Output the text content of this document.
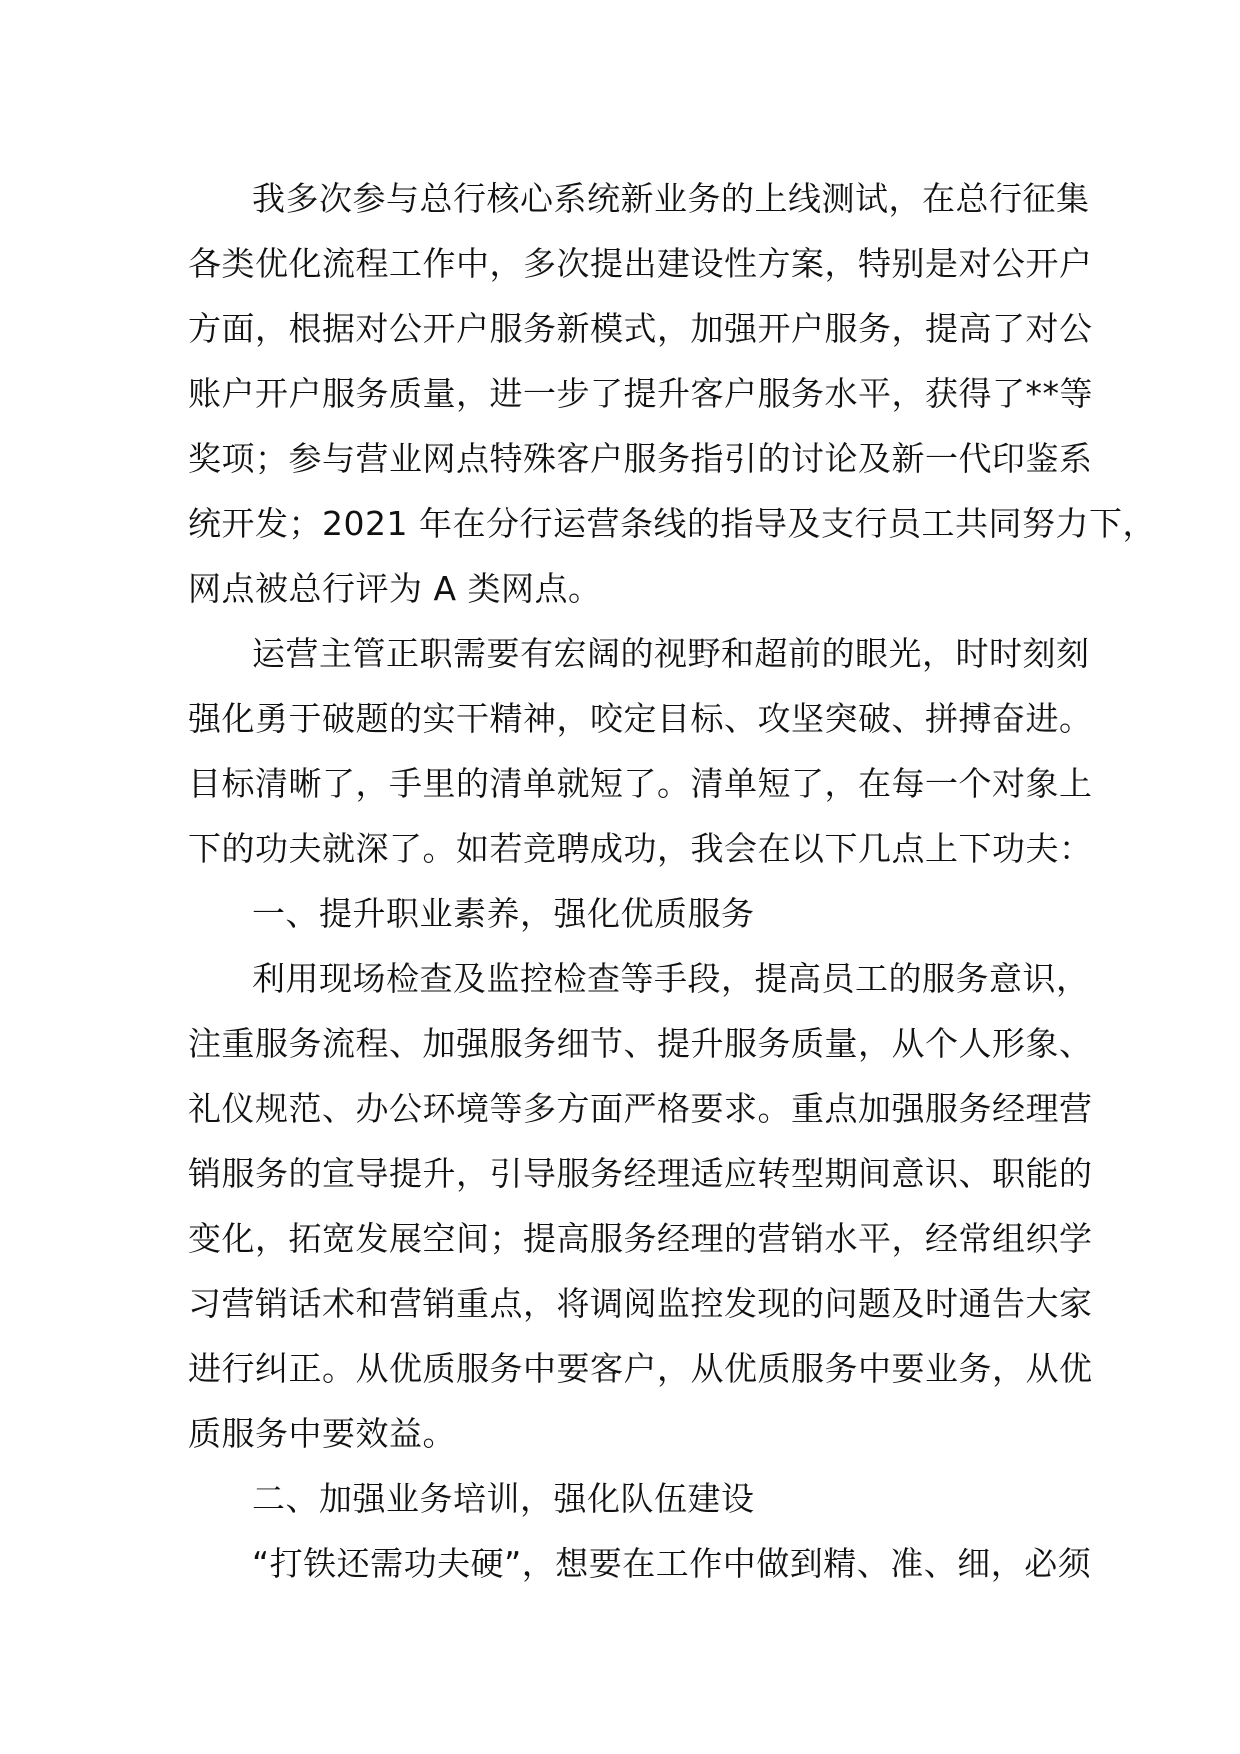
我多次参与总行核心系统新业务的上线测试，在总行征集
各类优化流程工作中，多次提出建设性方案，特别是对公开户
方面，根据对公开户服务新模式，加强开户服务，提高了对公
账户开户服务质量，进一步了提升客户服务水平，获得了**等
奖项；参与营业网点特殊客户服务指引的讨论及新一代印鉴系
统开发；2021 年在分行运营条线的指导及支行员工共同努力下，
网点被总行评为 A 类网点。
运营主管正职需要有宏阔的视野和超前的眼光，时时刻刻
强化勇于破题的实干精神，咬定目标、攻坚突破、拼搏奋进。
目标清晰了，手里的清单就短了。清单短了，在每一个对象上
下的功夫就深了。如若竞聘成功，我会在以下几点上下功夫：
一、提升职业素养，强化优质服务
利用现场检查及监控检查等手段，提高员工的服务意识，
注重服务流程、加强服务细节、提升服务质量，从个人形象、
礼仪规范、办公环境等多方面严格要求。重点加强服务经理营
销服务的宣导提升，引导服务经理适应转型期间意识、职能的
变化，拓宽发展空间；提高服务经理的营销水平，经常组织学
习营销话术和营销重点，将调阅监控发现的问题及时通告大家
进行纠正。从优质服务中要客户，从优质服务中要业务，从优
质服务中要效益。
二、加强业务培训，强化队伍建设
“打铁还需功夫硬”，想要在工作中做到精、准、细，必须
